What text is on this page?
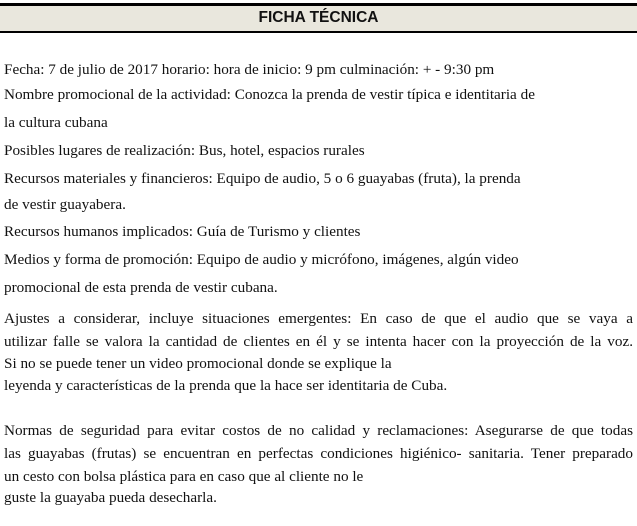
FICHA TÉCNICA
Fecha: 7 de julio de 2017 horario: hora de inicio: 9 pm culminación: + - 9:30 pm
Nombre promocional de la actividad: Conozca la prenda de vestir típica e identitaria de
la cultura cubana
Posibles lugares de realización: Bus, hotel, espacios rurales
Recursos materiales y financieros: Equipo de audio, 5 o 6 guayabas (fruta), la prenda
de vestir guayabera.
Recursos humanos implicados: Guía de Turismo y clientes
Medios y forma de promoción: Equipo de audio y micrófono, imágenes, algún video
promocional de esta prenda de vestir cubana.
Ajustes a considerar, incluye situaciones emergentes: En caso de que el audio que se vaya a
utilizar falle se valora la cantidad de clientes en él y se intenta hacer con la proyección de la voz.
Si no se puede tener un video promocional donde se explique la
leyenda y características de la prenda que la hace ser identitaria de Cuba.
Normas de seguridad para evitar costos de no calidad y reclamaciones: Asegurarse de que todas
las guayabas (frutas) se encuentran en perfectas condiciones higiénico- sanitaria. Tener preparado
un cesto con bolsa plástica para en caso que al cliente no le
guste la guayaba pueda desecharla.
